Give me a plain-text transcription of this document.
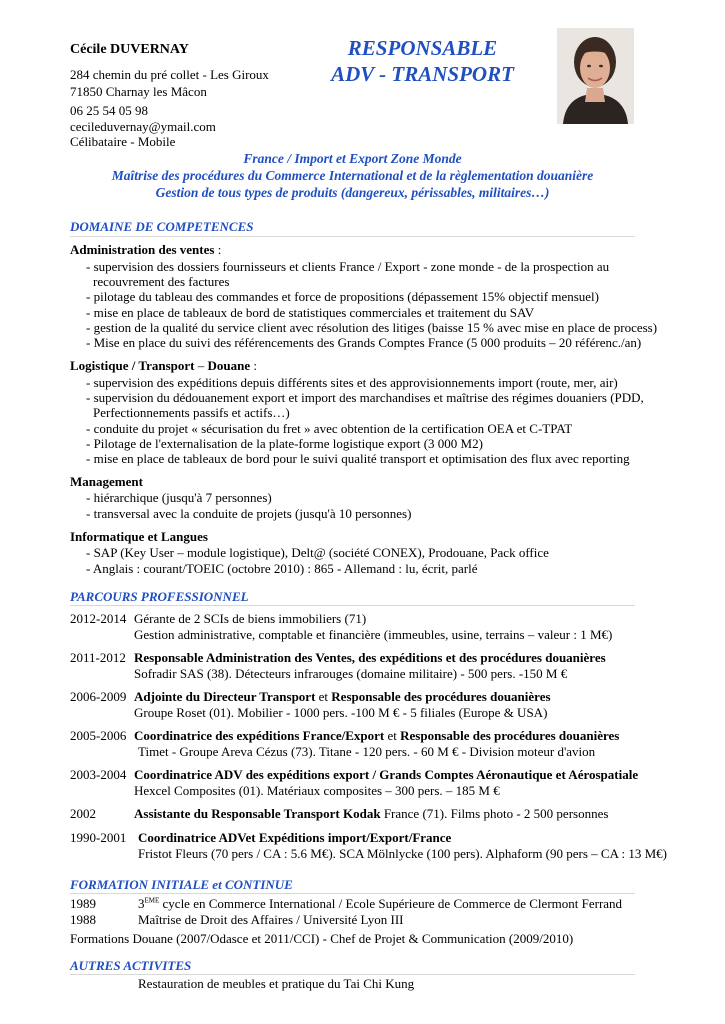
Cécile DUVERNAY
284 chemin du pré collet - Les Giroux
71850 Charnay les Mâcon
06 25 54 05 98
cecileduvernay@ymail.com
Célibataire - Mobile
RESPONSABLE
ADV - TRANSPORT
France / Import et Export Zone Monde
Maîtrise des procédures du Commerce International et de la règlementation douanière
Gestion de tous types de produits (dangereux, périssables, militaires…)
DOMAINE DE COMPETENCES
Administration des ventes :
- supervision des dossiers fournisseurs et clients France / Export - zone monde - de la prospection au
recouvrement des factures
- pilotage du tableau des commandes et force de propositions (dépassement 15% objectif mensuel)
- mise en place de tableaux de bord de statistiques commerciales et traitement du SAV
- gestion de la qualité du service client avec résolution des litiges (baisse 15 % avec mise en place de process)
- Mise en place du suivi des référencements des Grands Comptes France (5 000 produits – 20 référenc./an)
Logistique / Transport – Douane :
- supervision des expéditions depuis différents sites et des approvisionnements import (route, mer, air)
- supervision du dédouanement export et import des marchandises et maîtrise des régimes douaniers (PDD,
Perfectionnements passifs et actifs…)
- conduite du projet « sécurisation du fret » avec obtention de la certification OEA et C-TPAT
- Pilotage de l'externalisation de la plate-forme logistique export (3 000 M2)
- mise en place de tableaux de bord pour le suivi qualité transport et optimisation des flux avec reporting
Management
- hiérarchique (jusqu'à 7 personnes)
- transversal avec la conduite de projets (jusqu'à 10 personnes)
Informatique et Langues
- SAP (Key User – module logistique), Delt@ (société CONEX), Prodouane, Pack office
- Anglais : courant/TOEIC (octobre 2010) : 865 - Allemand : lu, écrit, parlé
PARCOURS PROFESSIONNEL
2012-2014 Gérante de 2 SCIs de biens immobiliers (71)
Gestion administrative, comptable et financière (immeubles, usine, terrains – valeur : 1 M€)
2011-2012 Responsable Administration des Ventes, des expéditions et des procédures douanières
Sofradir SAS (38). Détecteurs infrarouges (domaine militaire) - 500 pers. -150 M €
2006-2009 Adjointe du Directeur Transport et Responsable des procédures douanières
Groupe Roset (01). Mobilier - 1000 pers. -100 M € - 5 filiales (Europe & USA)
2005-2006 Coordinatrice des expéditions France/Export et Responsable des procédures douanières
Timet - Groupe Areva Cézus (73). Titane - 120 pers. - 60 M € - Division moteur d'avion
2003-2004 Coordinatrice ADV des expéditions export / Grands Comptes Aéronautique et Aérospatiale
Hexcel Composites (01). Matériaux composites – 300 pers. – 185 M €
2002	Assistante du Responsable Transport Kodak France (71). Films photo - 2 500 personnes
1990-2001 Coordinatrice ADVet Expéditions import/Export/France
Fristot Fleurs (70 pers / CA : 5.6 M€). SCA Mölnlycke (100 pers). Alphaform (90 pers – CA : 13 M€)
FORMATION INITIALE et CONTINUE
1989	3EME cycle en Commerce International / Ecole Supérieure de Commerce de Clermont Ferrand
1988	Maîtrise de Droit des Affaires / Université Lyon III
Formations Douane (2007/Odasce et 2011/CCI) - Chef de Projet & Communication (2009/2010)
AUTRES ACTIVITES
Restauration de meubles et pratique du Tai Chi Kung
